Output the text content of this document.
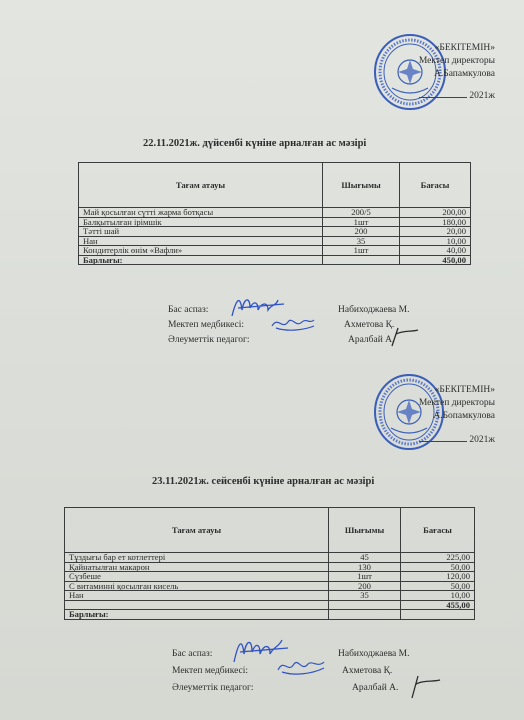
«БЕКІТЕМІН»
Мектеп директоры
А.Бапамкулова
2021ж
22.11.2021ж. дүйсенбі күніне арналған ас мәзірі
Тағам атауы	Шығымы	Бағасы
Май қосылған сүтті жарма ботқасы	200/5	200,00
Балқытылған ірімшік	1шт	180,00
Тәтті шай	200	20,00
Нан	35	10,00
Кондитерлік өнім «Вафли»	1шт	40,00
Барлығы:		450,00
Бас аспаз:	Набиходжаева М.
Мектеп медбикесі:	Ахметова Қ.
Әлеуметтік педагог:	Аралбай А.
«БЕКІТЕМІН»
Мектеп директоры
А.Бопамкулова
2021ж
23.11.2021ж. сейсенбі күніне арналған ас мәзірі
Тағам атауы	Шығымы	Бағасы
Тұздығы бар ет котлеттері	45	225,00
Қайнатылған макарон	130	50,00
Сүзбеше	1шт	120,00
С витаминні қосылған кисель	200	50,00
Нан	35	10,00
		455,00
Барлығы:		
Бас аспаз:	Набиходжаева М.
Мектеп медбикесі:	Ахметова Қ.
Әлеуметтік педагог:	Аралбай А.
